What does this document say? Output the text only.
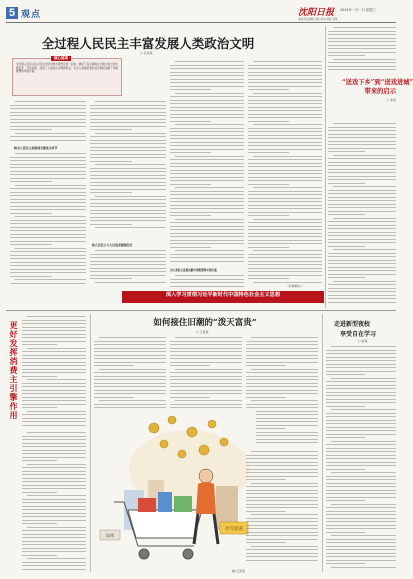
5 观点	沈阳日报 2024年一月一日 星期三
本版责任编辑 刘某 美术 排版 某某
全过程人民民主丰富发展人类政治文明
○ 任某某
核心阅读
全过程人民民主将人民意志同中国式现代化统一起来，推动了民主制度在中国大地上的生根发芽、开花结果，创造了人类政治文明新形态，为全人类探索更好社会制度贡献了中国智慧和中国方案。
将全人民民主贯彻到全链条全环节
将人民民主与人民追求紧密结合
为人类民主发展贡献中国智慧和中国方案
（作者单位：）
深入学习贯彻习近平新时代中国特色社会主义思想
“送戏下乡”到“送戏进城”
带来的启示
○ 李某
更好发挥消费主引擎作用	如何接住旧潮的“泼天富贵”
○ 王某某
冰雪旅游
淄博
走进新型夜校
享受自在学习
○ 孙某
画/王某某
